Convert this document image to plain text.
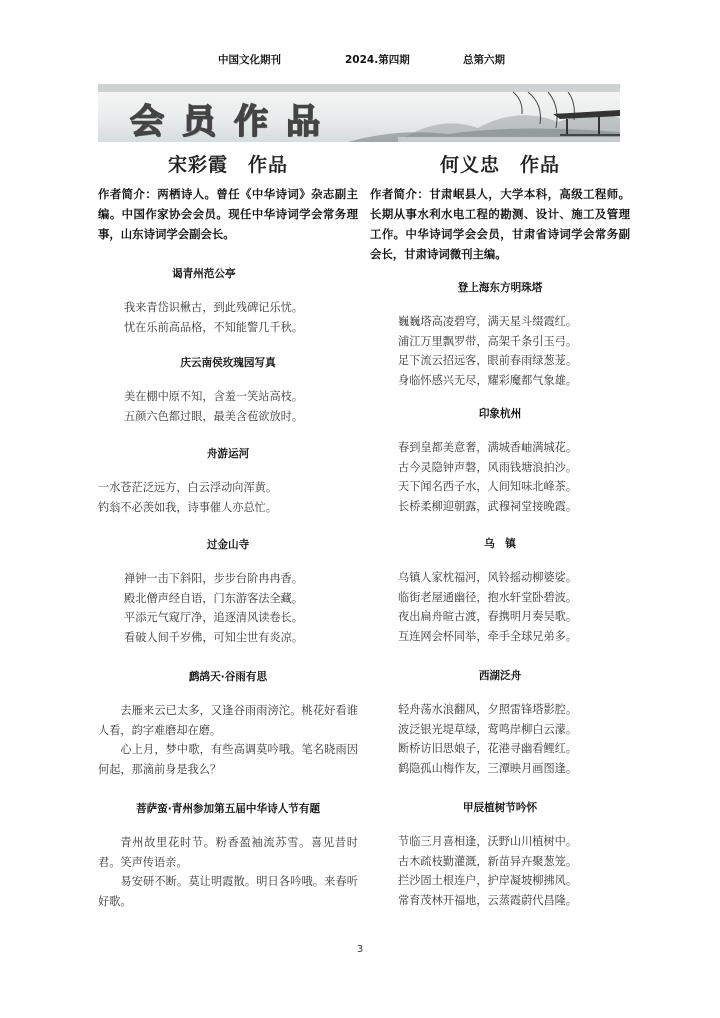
中国文化期刊	2024.第四期	总第六期
会员作品
宋彩霞　作品

作者简介：两栖诗人。曾任《中华诗词》杂志副主编。中国作家协会会员。现任中华诗词学会常务理事，山东诗词学会副会长。

谒青州范公亭

我来青岱识楸古，到此残碑记乐忧。
忧在乐前高品格，不知能警几千秋。

庆云南侯玫瑰园写真

美在棚中原不知，含羞一笑站高枝。
五颜六色都过眼，最美含苞欲放时。

舟游运河

一水苍茫泛远方，白云浮动向浑黄。
钓翁不必羡如我，诗事催人亦总忙。

过金山寺

禅钟一击下斜阳，步步台阶冉冉香。
殿北僧声经自语，门东游客法全藏。
平添元气窥厅净，追逐清风读卷长。
看破人间千岁佛，可知尘世有炎凉。

鹧鸪天·谷雨有思

去雁来云已太多，又逢谷雨雨滂沱。桃花好看谁人看，韵字难磨却在磨。
心上月，梦中歌，有些高调莫吟哦。笔名晓雨因何起，那滴前身是我么？

菩萨蛮·青州参加第五届中华诗人节有题

青州故里花时节。粉香盈袖流苏雪。喜见昔时君。笑声传语亲。
易安研不断。莫让明霞散。明日各吟哦。来春听好歌。
何义忠　作品

作者简介：甘肃岷县人，大学本科，高级工程师。长期从事水利水电工程的勘测、设计、施工及管理工作。中华诗词学会会员，甘肃省诗词学会常务副会长，甘肃诗词微刊主编。

登上海东方明珠塔

巍巍塔高凌碧穹，满天星斗缀霞红。
浦江万里飘罗带，高架千条引玉弓。
足下流云招远客，眼前春雨绿葱茏。
身临怀感兴无尽，耀彩魔都气象雄。

印象杭州

春到皇都美意奢，满城香岫满城花。
古今灵隐钟声磐，风雨钱塘浪拍沙。
天下闻名西子水，人间知味北峰茶。
长桥柔柳迎朝露，武穆祠堂接晚霞。

乌　镇

乌镇人家枕福河，风铃摇动柳婆娑。
临街老屋通幽径，抱水轩堂卧碧波。
夜出扁舟暄古渡，春携明月奏吴歌。
互连网会杯同举，牵手全球兄弟多。

西湖泛舟

轻舟荡水浪翻风，夕照雷锋塔影腔。
波泛银光堤草绿，莺鸣岸柳白云濛。
断桥访旧思娘子，花港寻幽看鲤红。
鹤隐孤山梅作友，三潭映月画图逢。

甲辰植树节吟怀

节临三月喜相逢，沃野山川植树中。
古木疏枝勤灌溉，新苗异卉聚葱笼。
拦沙固土根连户，护岸凝坡柳拂风。
常育茂林开福地，云蒸霞蔚代昌隆。
3
